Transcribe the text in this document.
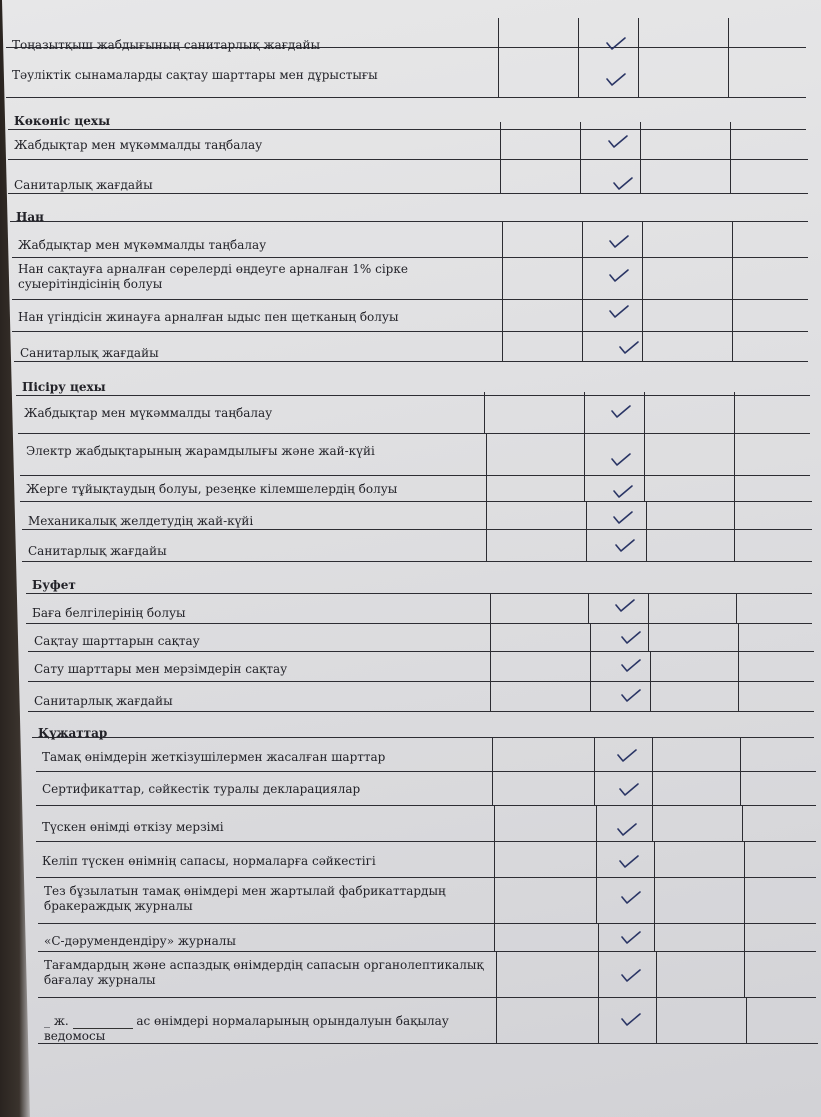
Тоңазытқыш жабдығының санитарлық жағдайы
Тәуліктік сынамаларды сақтау шарттары мен дұрыстығы
Көкөніс цехы
Жабдықтар мен мүкәммалды таңбалау
Санитарлық жағдайы
Нан
Жабдықтар мен мүкәммалды таңбалау
Нан сақтауға арналған сөрелерді өңдеуге арналған 1% сірке суыерітіндісінің болуы
Нан үгіндісін жинауға арналған ыдыс пен щетканың болуы
Санитарлық жағдайы
Пісіру цехы
Жабдықтар мен мүкәммалды таңбалау
Электр жабдықтарының жарамдылығы және жай-күйі
Жерге тұйықтаудың болуы, резеңке кілемшелердің болуы
Механикалық желдетудің жай-күйі
Санитарлық жағдайы
Буфет
Баға белгілерінің болуы
Сақтау шарттарын сақтау
Сату шарттары мен мерзімдерін сақтау
Санитарлық жағдайы
Құжаттар
Тамақ өнімдерін жеткізушілермен жасалған шарттар
Сертификаттар, сәйкестік туралы декларациялар
Түскен өнімді өткізу мерзімі
Келіп түскен өнімнің сапасы, нормаларға сәйкестігі
Тез бұзылатын тамақ өнімдері мен жартылай фабрикаттардың бракераждық журналы
«С-дәрумендендіру» журналы
Тағамдардың және аспаздық өнімдердің сапасын органолептикалық бағалау журналы
_ ж.	ас өнімдері нормаларының орындалуын бақылау ведомосы
